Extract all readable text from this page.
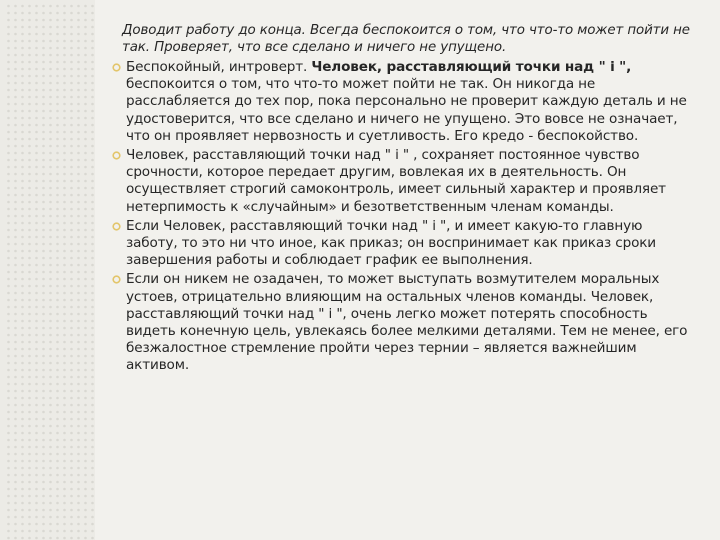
Доводит работу до конца. Всегда беспокоится о том, что что-то может пойти не так. Проверяет, что все сделано и ничего не упущено.

Беспокойный, интроверт. Человек, расставляющий точки над " i ", беспокоится о том, что что-то может пойти не так. Он никогда не расслабляется до тех пор, пока персонально не проверит каждую деталь и не удостоверится, что все сделано и ничего не упущено. Это вовсе не означает, что он проявляет нервозность и суетливость. Его кредо - беспокойство.
Человек, расставляющий точки над " i " , сохраняет постоянное чувство срочности, которое передает другим, вовлекая их в деятельность. Он осуществляет строгий самоконтроль, имеет сильный характер и проявляет нетерпимость к «случайным» и безответственным членам команды.
Если Человек, расставляющий точки над " i ", и имеет какую-то главную заботу, то это ни что иное, как приказ; он воспринимает как приказ сроки завершения работы и соблюдает график ее выполнения.
Если он никем не озадачен, то может выступать возмутителем моральных устоев, отрицательно влияющим на остальных членов команды. Человек, расставляющий точки над " i ", очень легко может потерять способность видеть конечную цель, увлекаясь более мелкими деталями. Тем не менее, его безжалостное стремление пройти через тернии – является важнейшим активом.
